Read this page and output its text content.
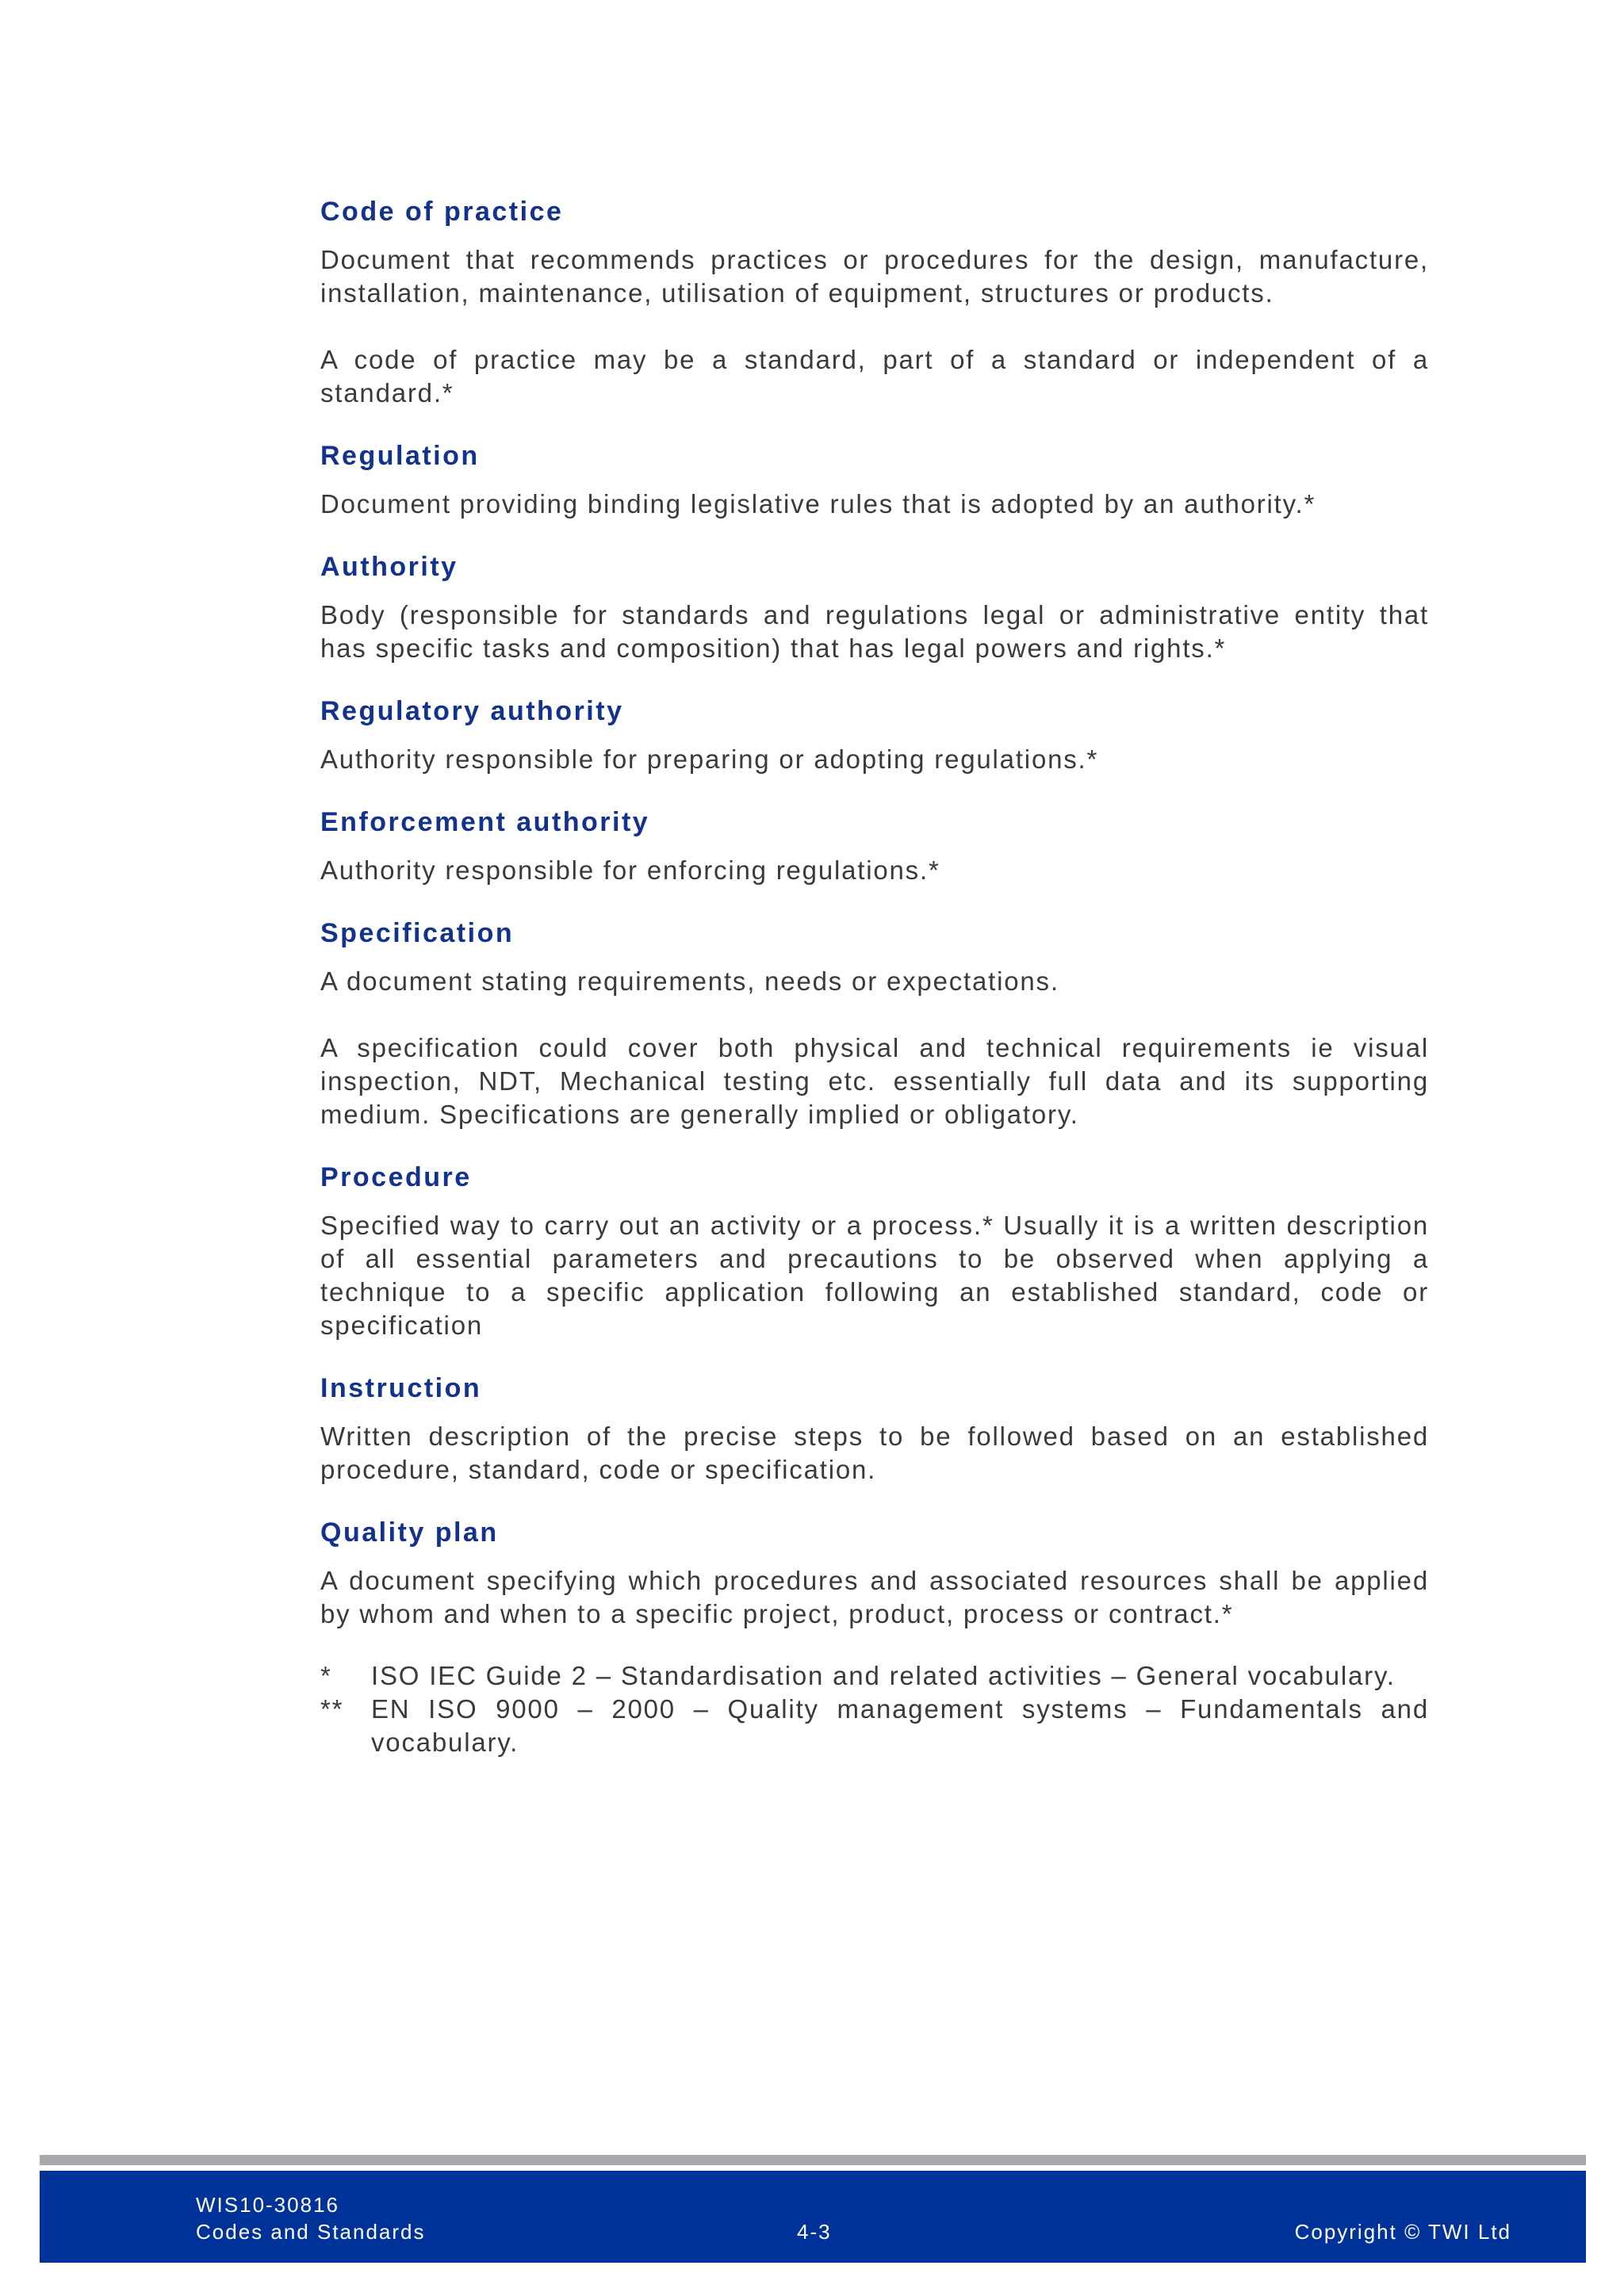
Code of practice

Document that recommends practices or procedures for the design, manufacture, installation, maintenance, utilisation of equipment, structures or products.

A code of practice may be a standard, part of a standard or independent of a standard.*

Regulation

Document providing binding legislative rules that is adopted by an authority.*

Authority

Body (responsible for standards and regulations legal or administrative entity that has specific tasks and composition) that has legal powers and rights.*

Regulatory authority

Authority responsible for preparing or adopting regulations.*

Enforcement authority

Authority responsible for enforcing regulations.*

Specification

A document stating requirements, needs or expectations.

A specification could cover both physical and technical requirements ie visual inspection, NDT, Mechanical testing etc. essentially full data and its supporting medium. Specifications are generally implied or obligatory.

Procedure

Specified way to carry out an activity or a process.* Usually it is a written description of all essential parameters and precautions to be observed when applying a technique to a specific application following an established standard, code or specification

Instruction

Written description of the precise steps to be followed based on an established procedure, standard, code or specification.

Quality plan

A document specifying which procedures and associated resources shall be applied by whom and when to a specific project, product, process or contract.*

*	ISO IEC Guide 2 – Standardisation and related activities – General vocabulary.
**	EN ISO 9000 – 2000 – Quality management systems – Fundamentals and vocabulary.
WIS10-30816
Codes and Standards	4-3	Copyright © TWI Ltd
